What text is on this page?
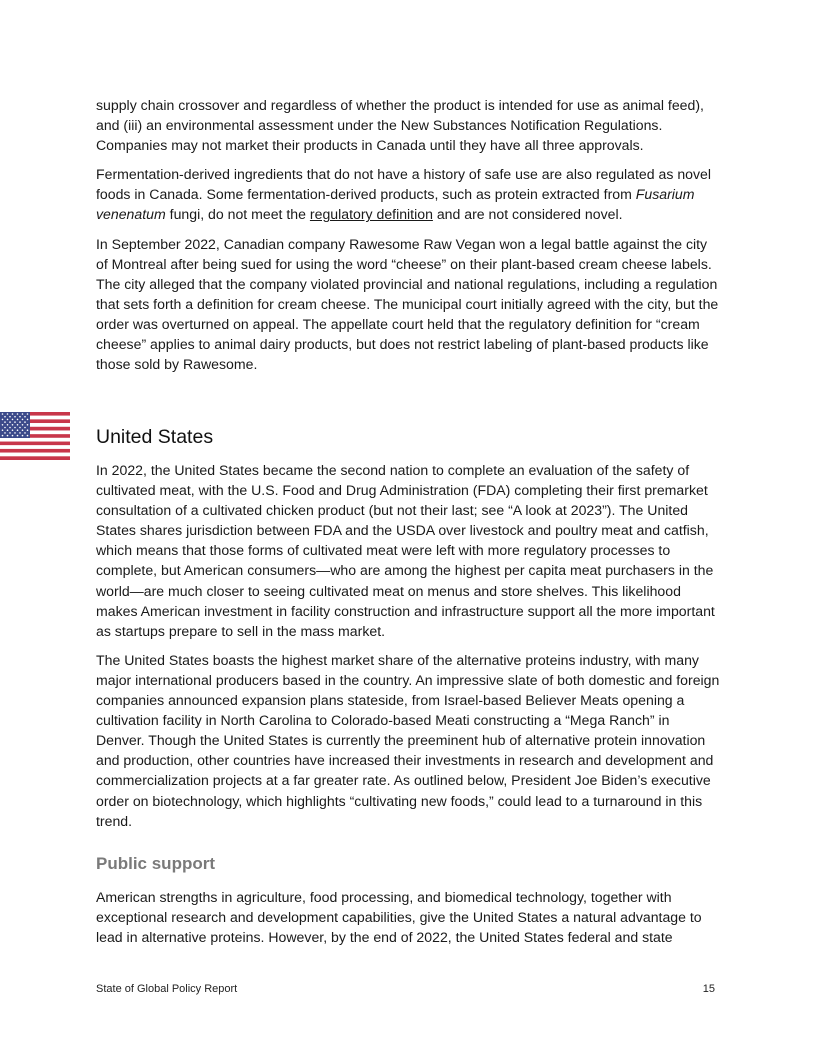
supply chain crossover and regardless of whether the product is intended for use as animal feed), and (iii) an environmental assessment under the New Substances Notification Regulations. Companies may not market their products in Canada until they have all three approvals.

Fermentation-derived ingredients that do not have a history of safe use are also regulated as novel foods in Canada. Some fermentation-derived products, such as protein extracted from Fusarium venenatum fungi, do not meet the regulatory definition and are not considered novel.

In September 2022, Canadian company Rawesome Raw Vegan won a legal battle against the city of Montreal after being sued for using the word “cheese” on their plant-based cream cheese labels. The city alleged that the company violated provincial and national regulations, including a regulation that sets forth a definition for cream cheese. The municipal court initially agreed with the city, but the order was overturned on appeal. The appellate court held that the regulatory definition for “cream cheese” applies to animal dairy products, but does not restrict labeling of plant-based products like those sold by Rawesome.

United States

In 2022, the United States became the second nation to complete an evaluation of the safety of cultivated meat, with the U.S. Food and Drug Administration (FDA) completing their first premarket consultation of a cultivated chicken product (but not their last; see “A look at 2023”). The United States shares jurisdiction between FDA and the USDA over livestock and poultry meat and catfish, which means that those forms of cultivated meat were left with more regulatory processes to complete, but American consumers—who are among the highest per capita meat purchasers in the world—are much closer to seeing cultivated meat on menus and store shelves. This likelihood makes American investment in facility construction and infrastructure support all the more important as startups prepare to sell in the mass market.

The United States boasts the highest market share of the alternative proteins industry, with many major international producers based in the country. An impressive slate of both domestic and foreign companies announced expansion plans stateside, from Israel-based Believer Meats opening a cultivation facility in North Carolina to Colorado-based Meati constructing a “Mega Ranch” in Denver. Though the United States is currently the preeminent hub of alternative protein innovation and production, other countries have increased their investments in research and development and commercialization projects at a far greater rate. As outlined below, President Joe Biden’s executive order on biotechnology, which highlights “cultivating new foods,” could lead to a turnaround in this trend.

Public support

American strengths in agriculture, food processing, and biomedical technology, together with exceptional research and development capabilities, give the United States a natural advantage to lead in alternative proteins. However, by the end of 2022, the United States federal and state

State of Global Policy Report	15
